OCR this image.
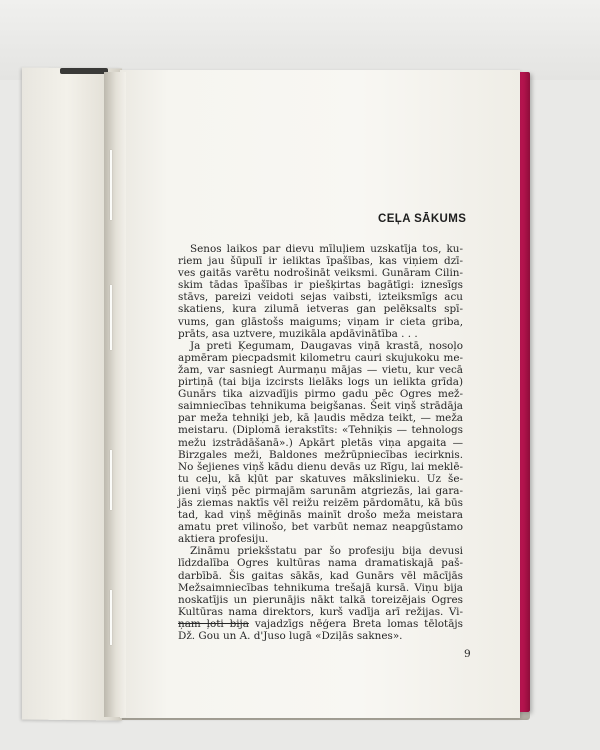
CEĻA SĀKUMS
Senos laikos par dievu mīluļiem uzskatīja tos, ku-
riem jau šūpulī ir ieliktas īpašības, kas viņiem dzī-
ves gaitās varētu nodrošināt veiksmi. Gunāram Cilin-
skim tādas īpašības ir piešķirtas bagātīgi: iznesīgs
stāvs, pareizi veidoti sejas vaibsti, izteiksmīgs acu
skatiens, kura zilumā ietveras gan pelēksalts spī-
vums, gan glāstošs maigums; viņam ir cieta griba,
prāts, asa uztvere, muzikāla apdāvinātība . . .
Ja preti Ķegumam, Daugavas viņā krastā, nosoļo
apmēram piecpadsmit kilometru cauri skujukoku me-
žam, var sasniegt Aurmaņu mājas — vietu, kur vecā
pirtiņā (tai bija izcirsts lielāks logs un ielikta grīda)
Gunārs tika aizvadījis pirmo gadu pēc Ogres mež-
saimniecības tehnikuma beigšanas. Šeit viņš strādāja
par meža tehniķi jeb, kā ļaudis mēdza teikt, — meža
meistaru. (Diplomā ierakstīts: «Tehniķis — tehnologs
mežu izstrādāšanā».) Apkārt pletās viņa apgaita —
Birzgales meži, Baldones mežrūpniecības iecirknis.
No šejienes viņš kādu dienu devās uz Rīgu, lai meklē-
tu ceļu, kā kļūt par skatuves mākslinieku. Uz še-
jieni viņš pēc pirmajām sarunām atgriezās, lai gara-
jās ziemas naktīs vēl reižu reizēm pārdomātu, kā būs
tad, kad viņš mēģinās mainīt drošo meža meistara
amatu pret vilinošo, bet varbūt nemaz neapgūstamo
aktiera profesiju.
Zināmu priekšstatu par šo profesiju bija devusi
līdzdalība Ogres kultūras nama dramatiskajā paš-
darbībā. Šis gaitas sākās, kad Gunārs vēl mācījās
Mežsaimniecības tehnikuma trešajā kursā. Viņu bija
noskatījis un pierunājis nākt talkā toreizējais Ogres
Kultūras nama direktors, kurš vadīja arī režijas. Vi-
ņam ļoti bija vajadzīgs nēģera Breta lomas tēlotājs
Dž. Gou un A. d'Juso lugā «Dziļās saknes».
9
